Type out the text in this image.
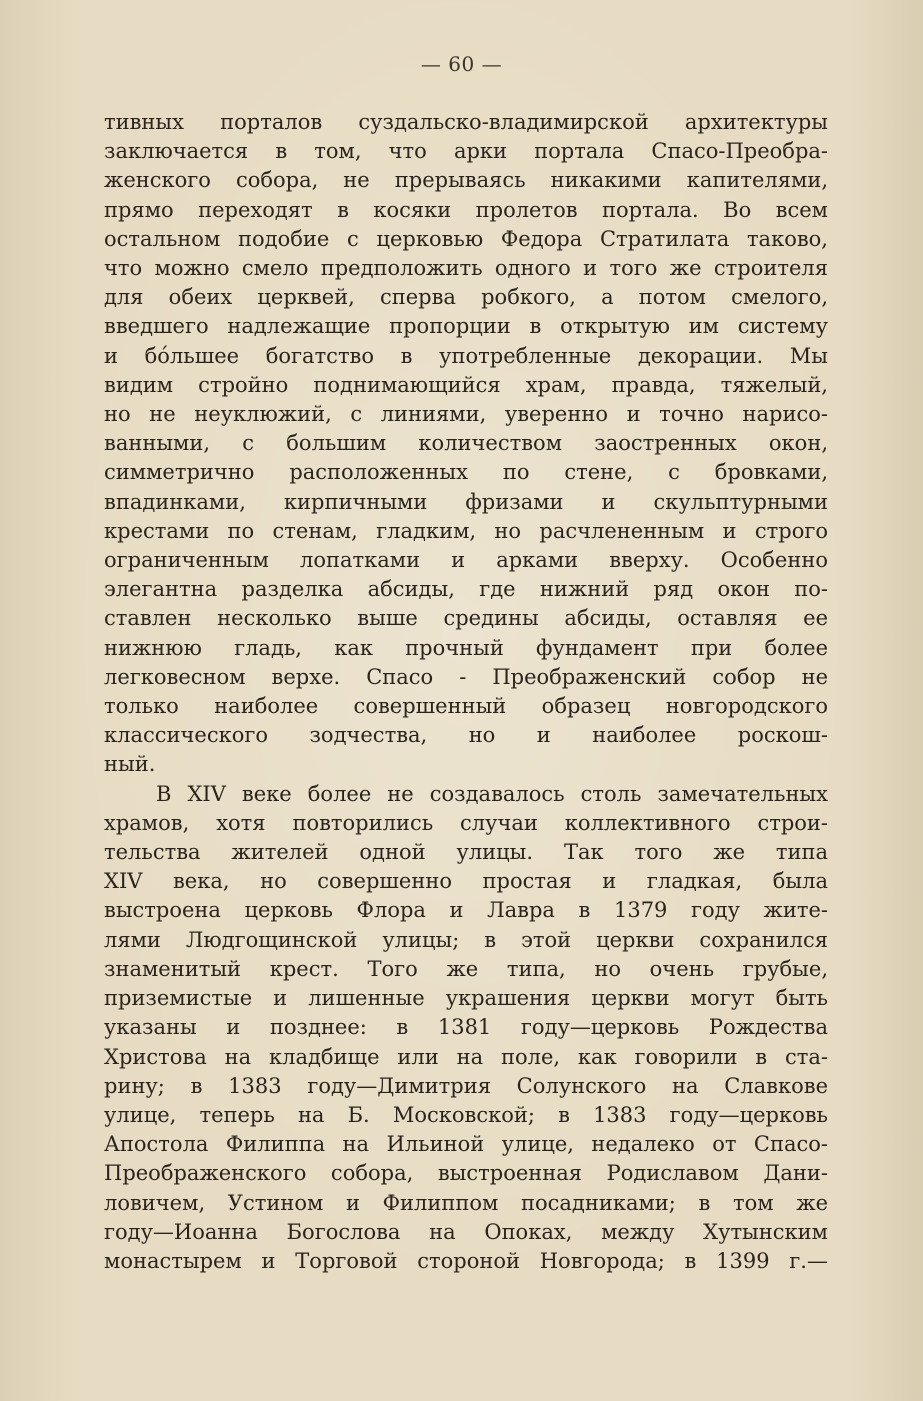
— 60 —
тивных порталов суздальско-владимирской архитектуры
заключается в том, что арки портала Спасо-Преобра-
женского собора, не прерываясь никакими капителями,
прямо переходят в косяки пролетов портала. Во всем
остальном подобие с церковью Федора Стратилата таково,
что можно смело предположить одного и того же строителя
для обеих церквей, сперва робкого, а потом смелого,
введшего надлежащие пропорции в открытую им систему
и бо́льшее богатство в употребленные декорации. Мы
видим стройно поднимающийся храм, правда, тяжелый,
но не неуклюжий, с линиями, уверенно и точно нарисо-
ванными, с большим количеством заостренных окон,
симметрично расположенных по стене, с бровками,
впадинками, кирпичными фризами и скульптурными
крестами по стенам, гладким, но расчлененным и строго
ограниченным лопатками и арками вверху. Особенно
элегантна разделка абсиды, где нижний ряд окон по-
ставлен несколько выше средины абсиды, оставляя ее
нижнюю гладь, как прочный фундамент при более
легковесном верхе. Спасо - Преображенский собор не
только наиболее совершенный образец новгородского
классического зодчества, но и наиболее роскош-
ный.
В XIV веке более не создавалось столь замечательных
храмов, хотя повторились случаи коллективного строи-
тельства жителей одной улицы. Так того же типа
XIV века, но совершенно простая и гладкая, была
выстроена церковь Флора и Лавра в 1379 году жите-
лями Людгощинской улицы; в этой церкви сохранился
знаменитый крест. Того же типа, но очень грубые,
приземистые и лишенные украшения церкви могут быть
указаны и позднее: в 1381 году—церковь Рождества
Христова на кладбище или на поле, как говорили в ста-
рину; в 1383 году—Димитрия Солунского на Славкове
улице, теперь на Б. Московской; в 1383 году—церковь
Апостола Филиппа на Ильиной улице, недалеко от Спасо-
Преображенского собора, выстроенная Родиславом Дани-
ловичем, Устином и Филиппом посадниками; в том же
году—Иоанна Богослова на Опоках, между Хутынским
монастырем и Торговой стороной Новгорода; в 1399 г.—
